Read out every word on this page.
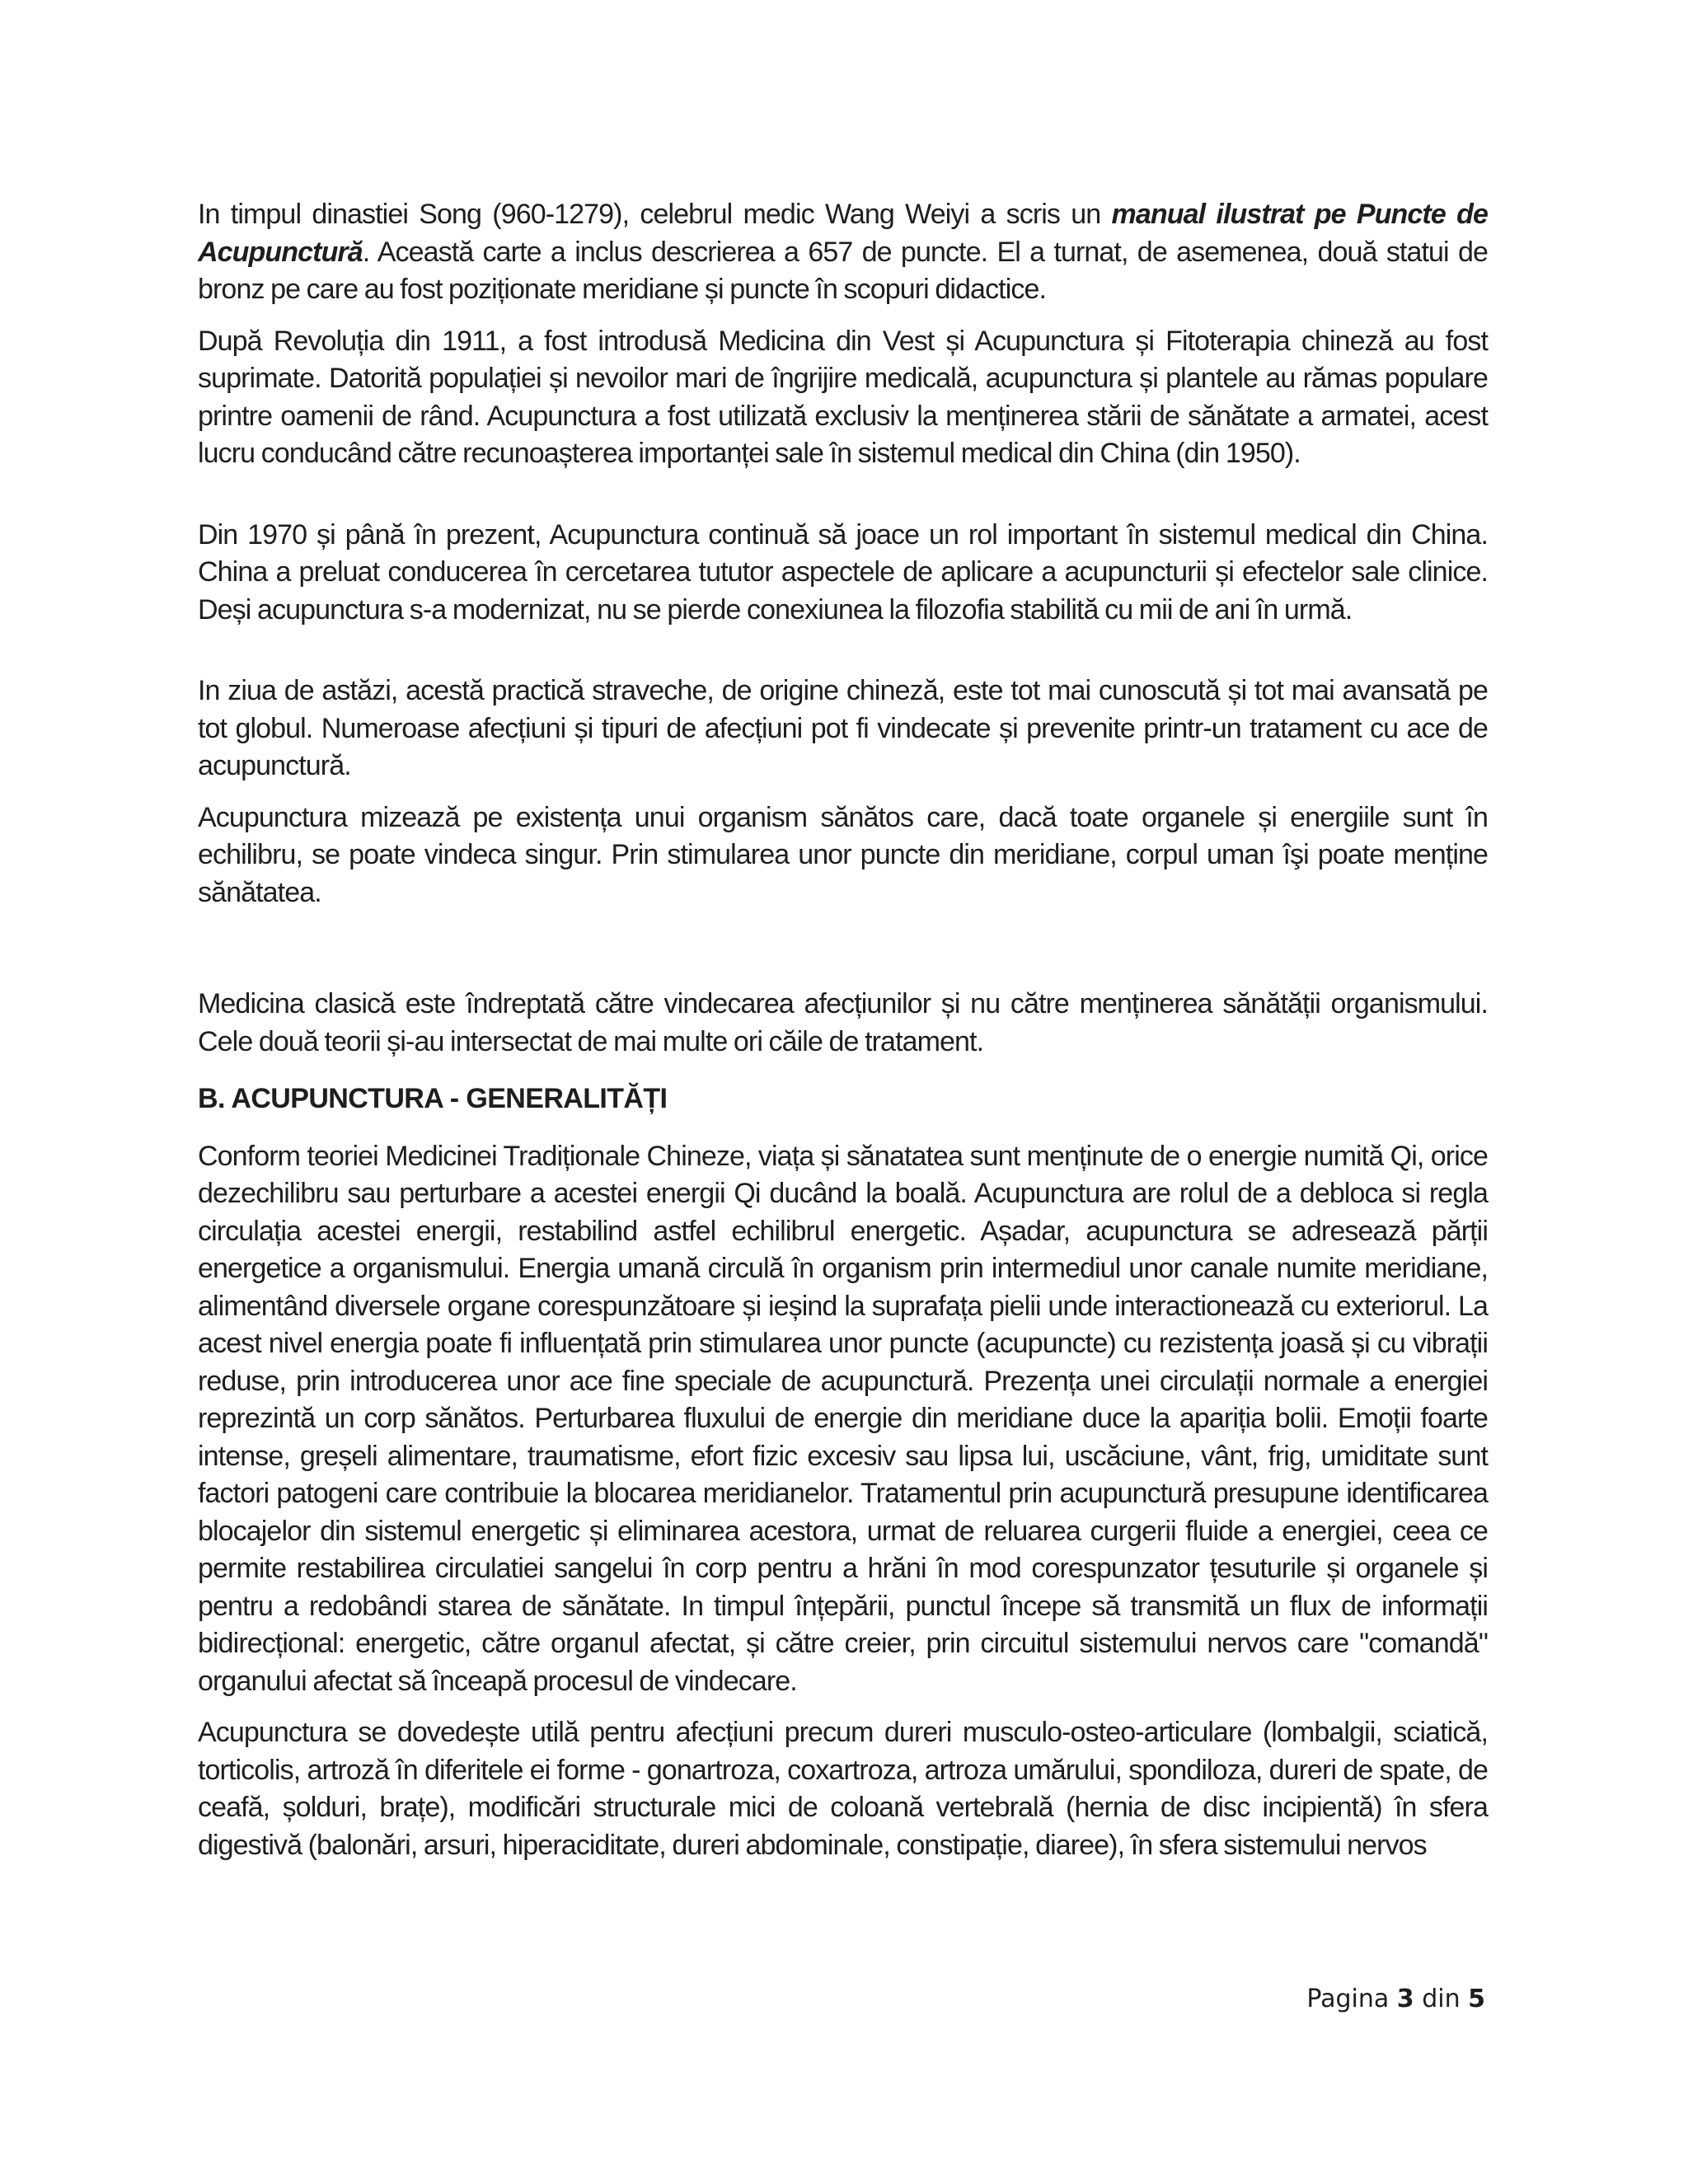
In timpul dinastiei Song (960-1279), celebrul medic Wang Weiyi a scris un manual ilustrat pe Puncte de Acupunctură. Această carte a inclus descrierea a 657 de puncte. El a turnat, de asemenea, două statui de bronz pe care au fost poziționate meridiane și puncte în scopuri didactice.

După Revoluția din 1911, a fost introdusă Medicina din Vest și Acupunctura și Fitoterapia chineză au fost suprimate. Datorită populației și nevoilor mari de îngrijire medicală, acupunctura și plantele au rămas populare printre oamenii de rând. Acupunctura a fost utilizată exclusiv la menținerea stării de sănătate a armatei, acest lucru conducând către recunoașterea importanței sale în sistemul medical din China (din 1950).

Din 1970 și până în prezent, Acupunctura continuă să joace un rol important în sistemul medical din China. China a preluat conducerea în cercetarea tututor aspectele de aplicare a acupuncturii și efectelor sale clinice. Deși acupunctura s-a modernizat, nu se pierde conexiunea la filozofia stabilită cu mii de ani în urmă.

In ziua de astăzi, acestă practică straveche, de origine chineză, este tot mai cunoscută și tot mai avansată pe tot globul. Numeroase afecțiuni și tipuri de afecțiuni pot fi vindecate și prevenite printr-un tratament cu ace de acupunctură.

Acupunctura mizează pe existența unui organism sănătos care, dacă toate organele și energiile sunt în echilibru, se poate vindeca singur. Prin stimularea unor puncte din meridiane, corpul uman îşi poate menține sănătatea.

Medicina clasică este îndreptată către vindecarea afecțiunilor și nu către menținerea sănătății organismului. Cele două teorii și-au intersectat de mai multe ori căile de tratament.

B. ACUPUNCTURA - GENERALITĂȚI

Conform teoriei Medicinei Tradiționale Chineze, viața și sănatatea sunt menținute de o energie numită Qi, orice dezechilibru sau perturbare a acestei energii Qi ducând la boală. Acupunctura are rolul de a debloca si regla circulația acestei energii, restabilind astfel echilibrul energetic. Așadar, acupunctura se adresează părții energetice a organismului. Energia umană circulă în organism prin intermediul unor canale numite meridiane, alimentând diversele organe corespunzătoare și ieșind la suprafața pielii unde interactionează cu exteriorul. La acest nivel energia poate fi influențată prin stimularea unor puncte (acupuncte) cu rezistența joasă și cu vibrații reduse, prin introducerea unor ace fine speciale de acupunctură. Prezența unei circulații normale a energiei reprezintă un corp sănătos. Perturbarea fluxului de energie din meridiane duce la apariția bolii. Emoții foarte intense, greșeli alimentare, traumatisme, efort fizic excesiv sau lipsa lui, uscăciune, vânt, frig, umiditate sunt factori patogeni care contribuie la blocarea meridianelor. Tratamentul prin acupunctură presupune identificarea blocajelor din sistemul energetic și eliminarea acestora, urmat de reluarea curgerii fluide a energiei, ceea ce permite restabilirea circulatiei sangelui în corp pentru a hrăni în mod corespunzator țesuturile și organele și pentru a redobândi starea de sănătate. In timpul înțepării, punctul începe să transmită un flux de informații bidirecțional: energetic, către organul afectat, și către creier, prin circuitul sistemului nervos care "comandă" organului afectat să înceapă procesul de vindecare.

Acupunctura se dovedește utilă pentru afecțiuni precum dureri musculo-osteo-articulare (lombalgii, sciatică, torticolis, artroză în diferitele ei forme - gonartroza, coxartroza, artroza umărului, spondiloza, dureri de spate, de ceafă, șolduri, brațe), modificări structurale mici de coloană vertebrală (hernia de disc incipientă) în sfera digestivă (balonări, arsuri, hiperaciditate, dureri abdominale, constipație, diaree), în sfera sistemului nervos

Pagina 3 din 5
